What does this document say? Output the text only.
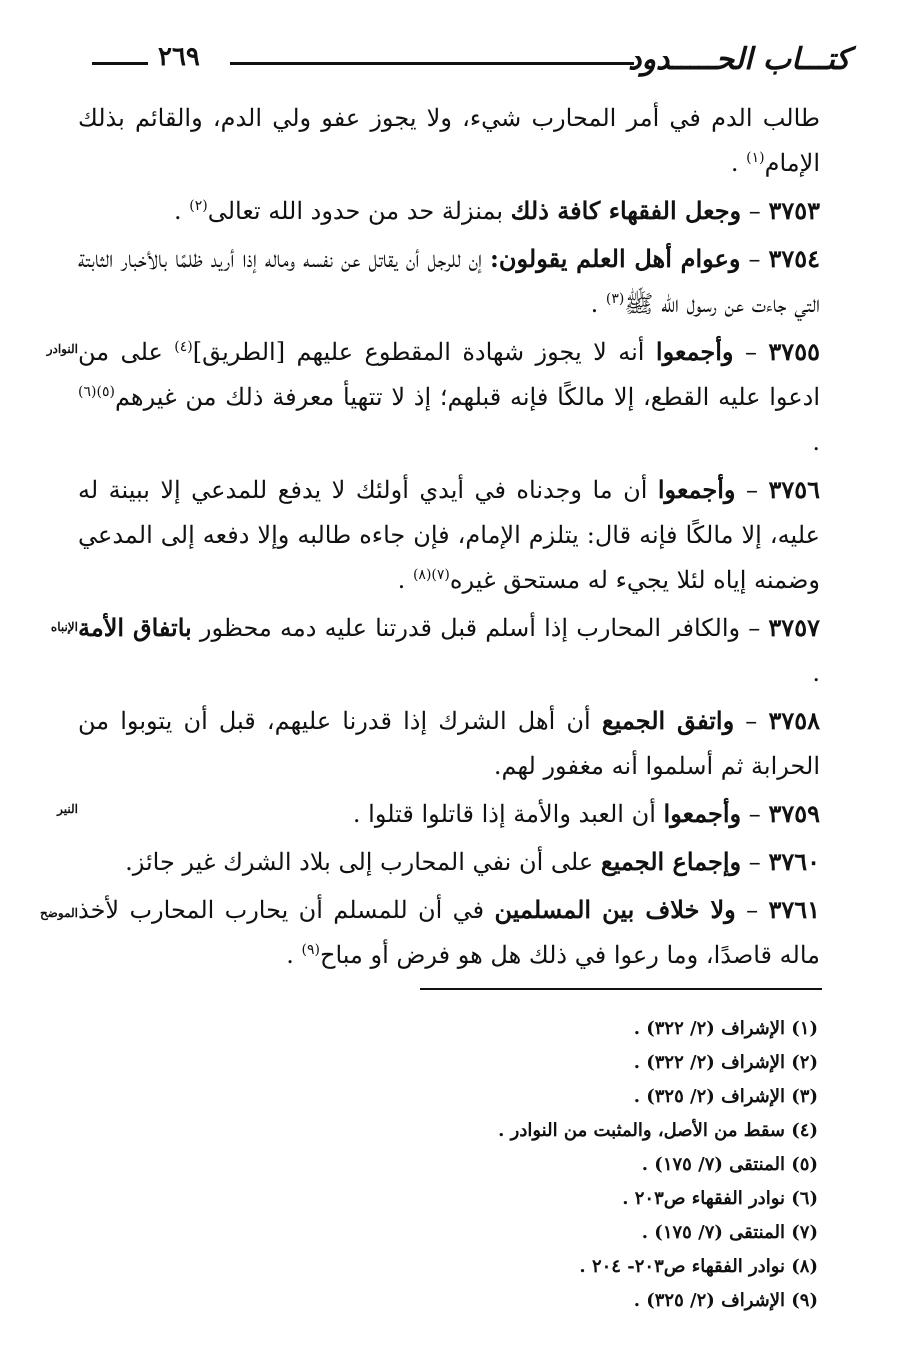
٢٦٩	كتـــاب الحـــــدود

طالب الدم في أمر المحارب شيء، ولا يجوز عفو ولي الدم، والقائم بذلك الإمام$^{(١)}$ .

٣٧٥٣ – وجعل الفقهاء كافة ذلك بمنزلة حد من حدود الله تعالى$^{(٢)}$ .

٣٧٥٤ – وعوام أهل العلم يقولون: إن للرجل أن يقاتل عن نفسه وماله إذا أريد ظلمًا بالأخبار الثابتة التي جاءت عن رسول الله ﷺ$^{(٣)}$ .

٣٧٥٥ – وأجمعوا أنه لا يجوز شهادة المقطوع عليهم [الطريق]$^{(٤)}$ على من ادعوا عليه القطع، إلا مالكًا فإنه قبلهم؛ إذ لا تتهيأ معرفة ذلك من غيرهم$^{(٥)(٦)}$ .

٣٧٥٦ – وأجمعوا أن ما وجدناه في أيدي أولئك لا يدفع للمدعي إلا ببينة له عليه، إلا مالكًا فإنه قال: يتلزم الإمام، فإن جاءه طالبه وإلا دفعه إلى المدعي وضمنه إياه لئلا يجيء له مستحق غيره$^{(٧)(٨)}$ .

٣٧٥٧ – والكافر المحارب إذا أسلم قبل قدرتنا عليه دمه محظور باتفاق الأمة .

٣٧٥٨ – واتفق الجميع أن أهل الشرك إذا قدرنا عليهم، قبل أن يتوبوا من الحرابة ثم أسلموا أنه مغفور لهم.

٣٧٥٩ – وأجمعوا أن العبد والأمة إذا قاتلوا قتلوا .

٣٧٦٠ – وإجماع الجميع على أن نفي المحارب إلى بلاد الشرك غير جائز.

٣٧٦١ – ولا خلاف بين المسلمين في أن للمسلم أن يحارب المحارب لأخذ ماله قاصدًا، وما رعوا في ذلك هل هو فرض أو مباح$^{(٩)}$ .

النوادر
الإنباه
النير
الموضح

(١) الإشراف (٢/ ٣٢٢) .

(٢) الإشراف (٢/ ٣٢٢) .

(٣) الإشراف (٢/ ٣٢٥) .

(٤) سقط من الأصل، والمثبت من النوادر .

(٥) المنتقى (٧/ ١٧٥) .

(٦) نوادر الفقهاء ص٢٠٣ .

(٧) المنتقى (٧/ ١٧٥) .

(٨) نوادر الفقهاء ص٢٠٣- ٢٠٤ .

(٩) الإشراف (٢/ ٣٢٥) .
